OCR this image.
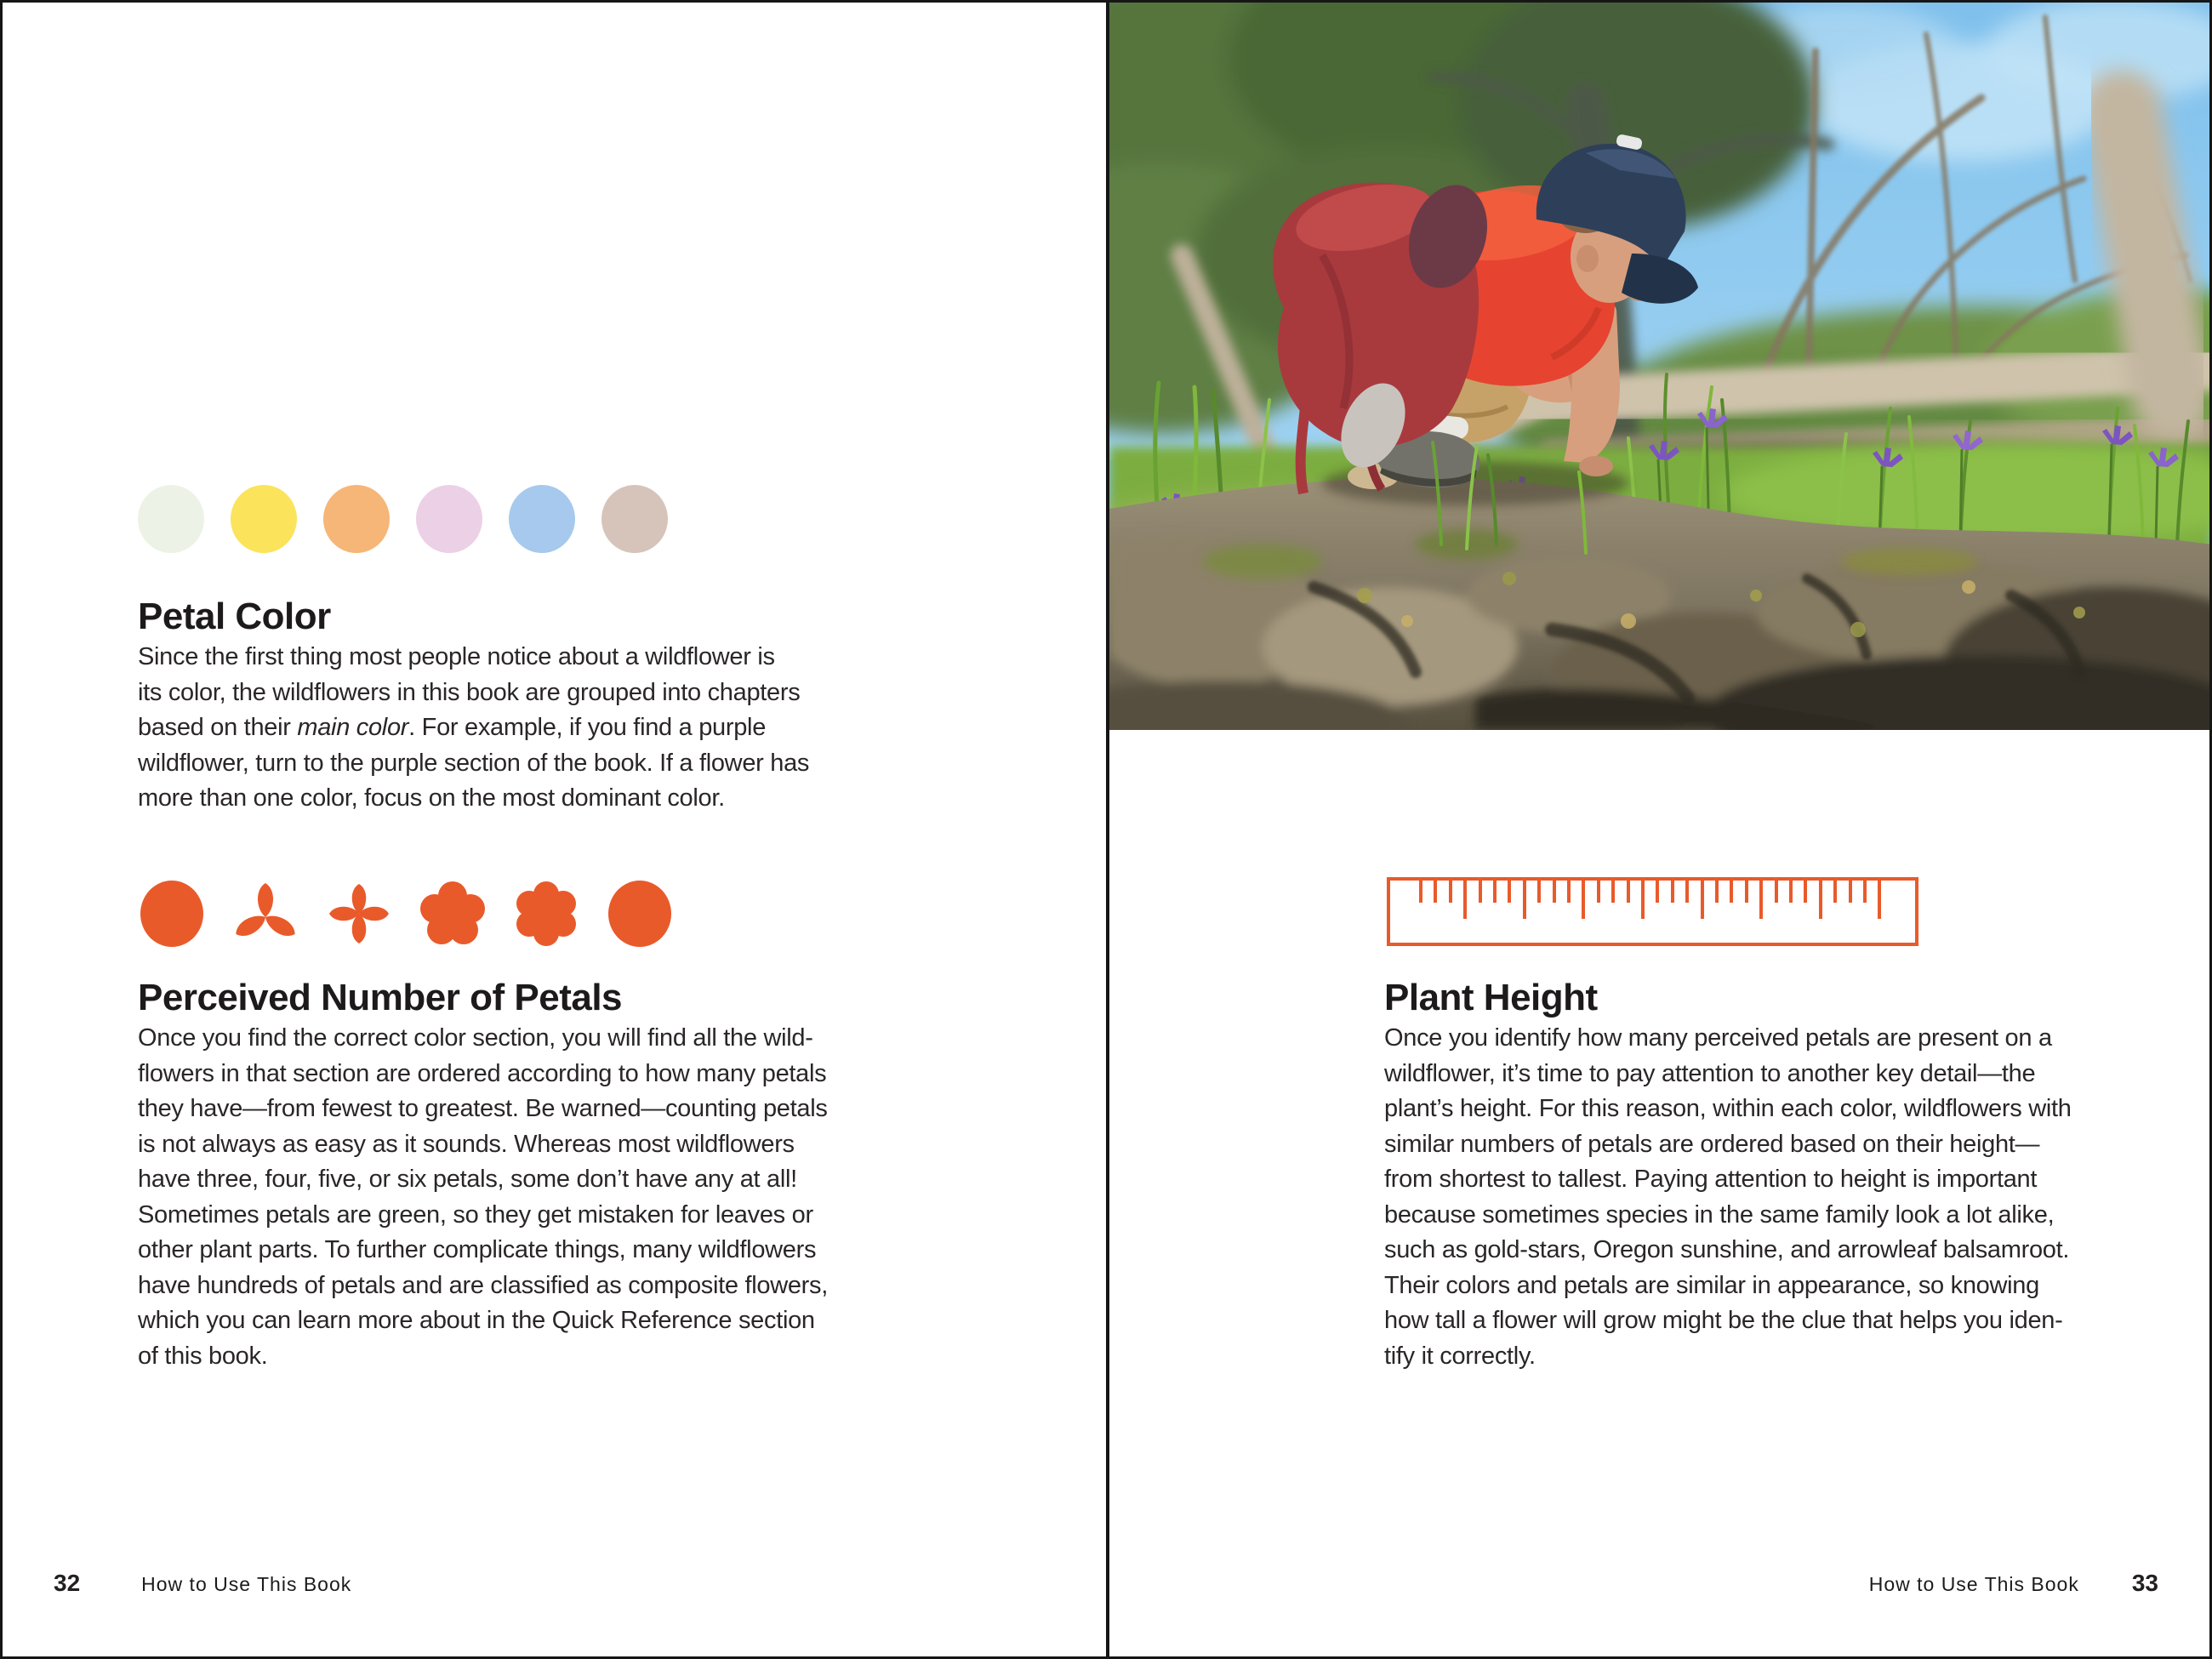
Petal Color
Since the first thing most people notice about a wildflower is
its color, the wildflowers in this book are grouped into chapters
based on their main color. For example, if you find a purple
wildflower, turn to the purple section of the book. If a flower has
more than one color, focus on the most dominant color.
Perceived Number of Petals
Once you find the correct color section, you will find all the wild-
flowers in that section are ordered according to how many petals
they have—from fewest to greatest. Be warned—counting petals
is not always as easy as it sounds. Whereas most wildflowers
have three, four, five, or six petals, some don’t have any at all!
Sometimes petals are green, so they get mistaken for leaves or
other plant parts. To further complicate things, many wildflowers
have hundreds of petals and are classified as composite flowers,
which you can learn more about in the Quick Reference section
of this book.
32	How to Use This Book
Plant Height
Once you identify how many perceived petals are present on a
wildflower, it’s time to pay attention to another key detail—the
plant’s height. For this reason, within each color, wildflowers with
similar numbers of petals are ordered based on their height—
from shortest to tallest. Paying attention to height is important
because sometimes species in the same family look a lot alike,
such as gold-stars, Oregon sunshine, and arrowleaf balsamroot.
Their colors and petals are similar in appearance, so knowing
how tall a flower will grow might be the clue that helps you iden-
tify it correctly.
How to Use This Book 33
